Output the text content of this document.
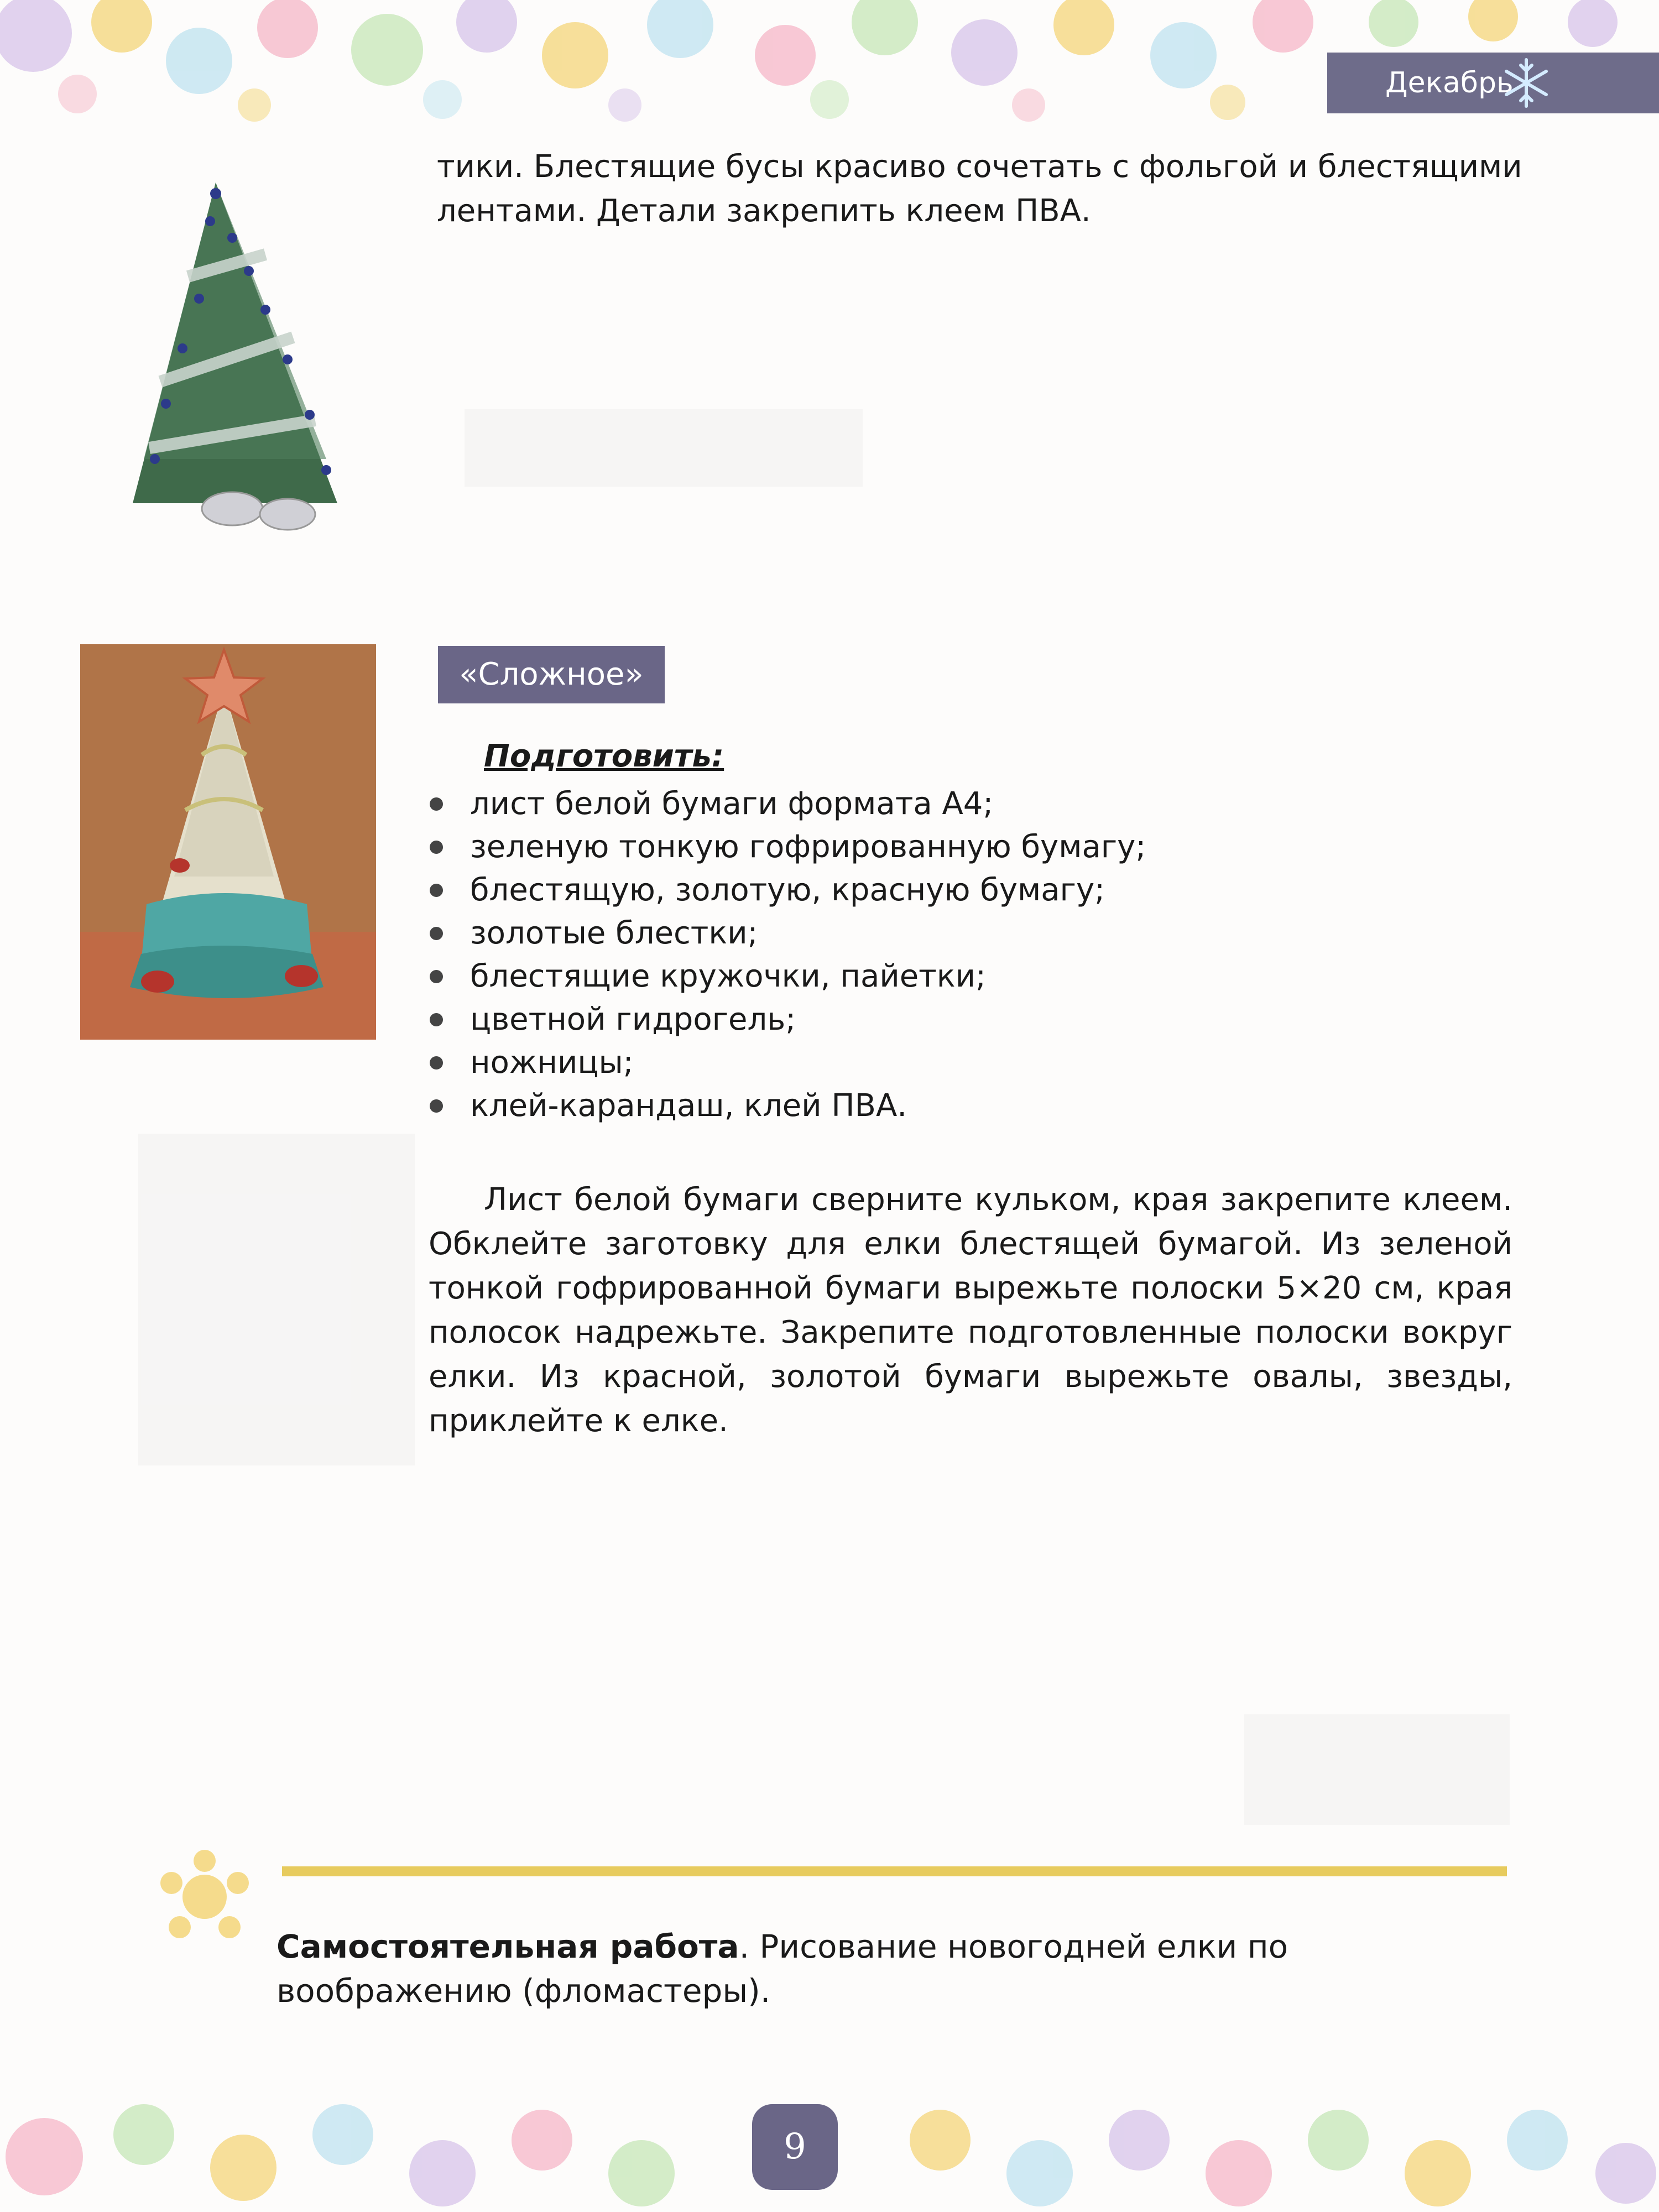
Декабрь
тики. Блестящие бусы красиво сочетать с фольгой и блестящими лентами. Детали закрепить клеем ПВА.
«Сложное»
Подготовить:
лист белой бумаги формата А4;
зеленую тонкую гофрированную бумагу;
блестящую, золотую, красную бумагу;
золотые блестки;
блестящие кружочки, пайетки;
цветной гидрогель;
ножницы;
клей-карандаш, клей ПВА.
Лист белой бумаги сверните кульком, края закрепите клеем. Обклейте заготовку для елки блестящей бумагой. Из зеленой тонкой гофрированной бумаги вырежьте полоски 5×20 см, края полосок надрежьте. Закрепите подготовленные полоски вокруг елки. Из красной, золотой бумаги вырежьте овалы, звезды, приклейте к елке.
Самостоятельная работа. Рисование новогодней елки по воображению (фломастеры).
9
